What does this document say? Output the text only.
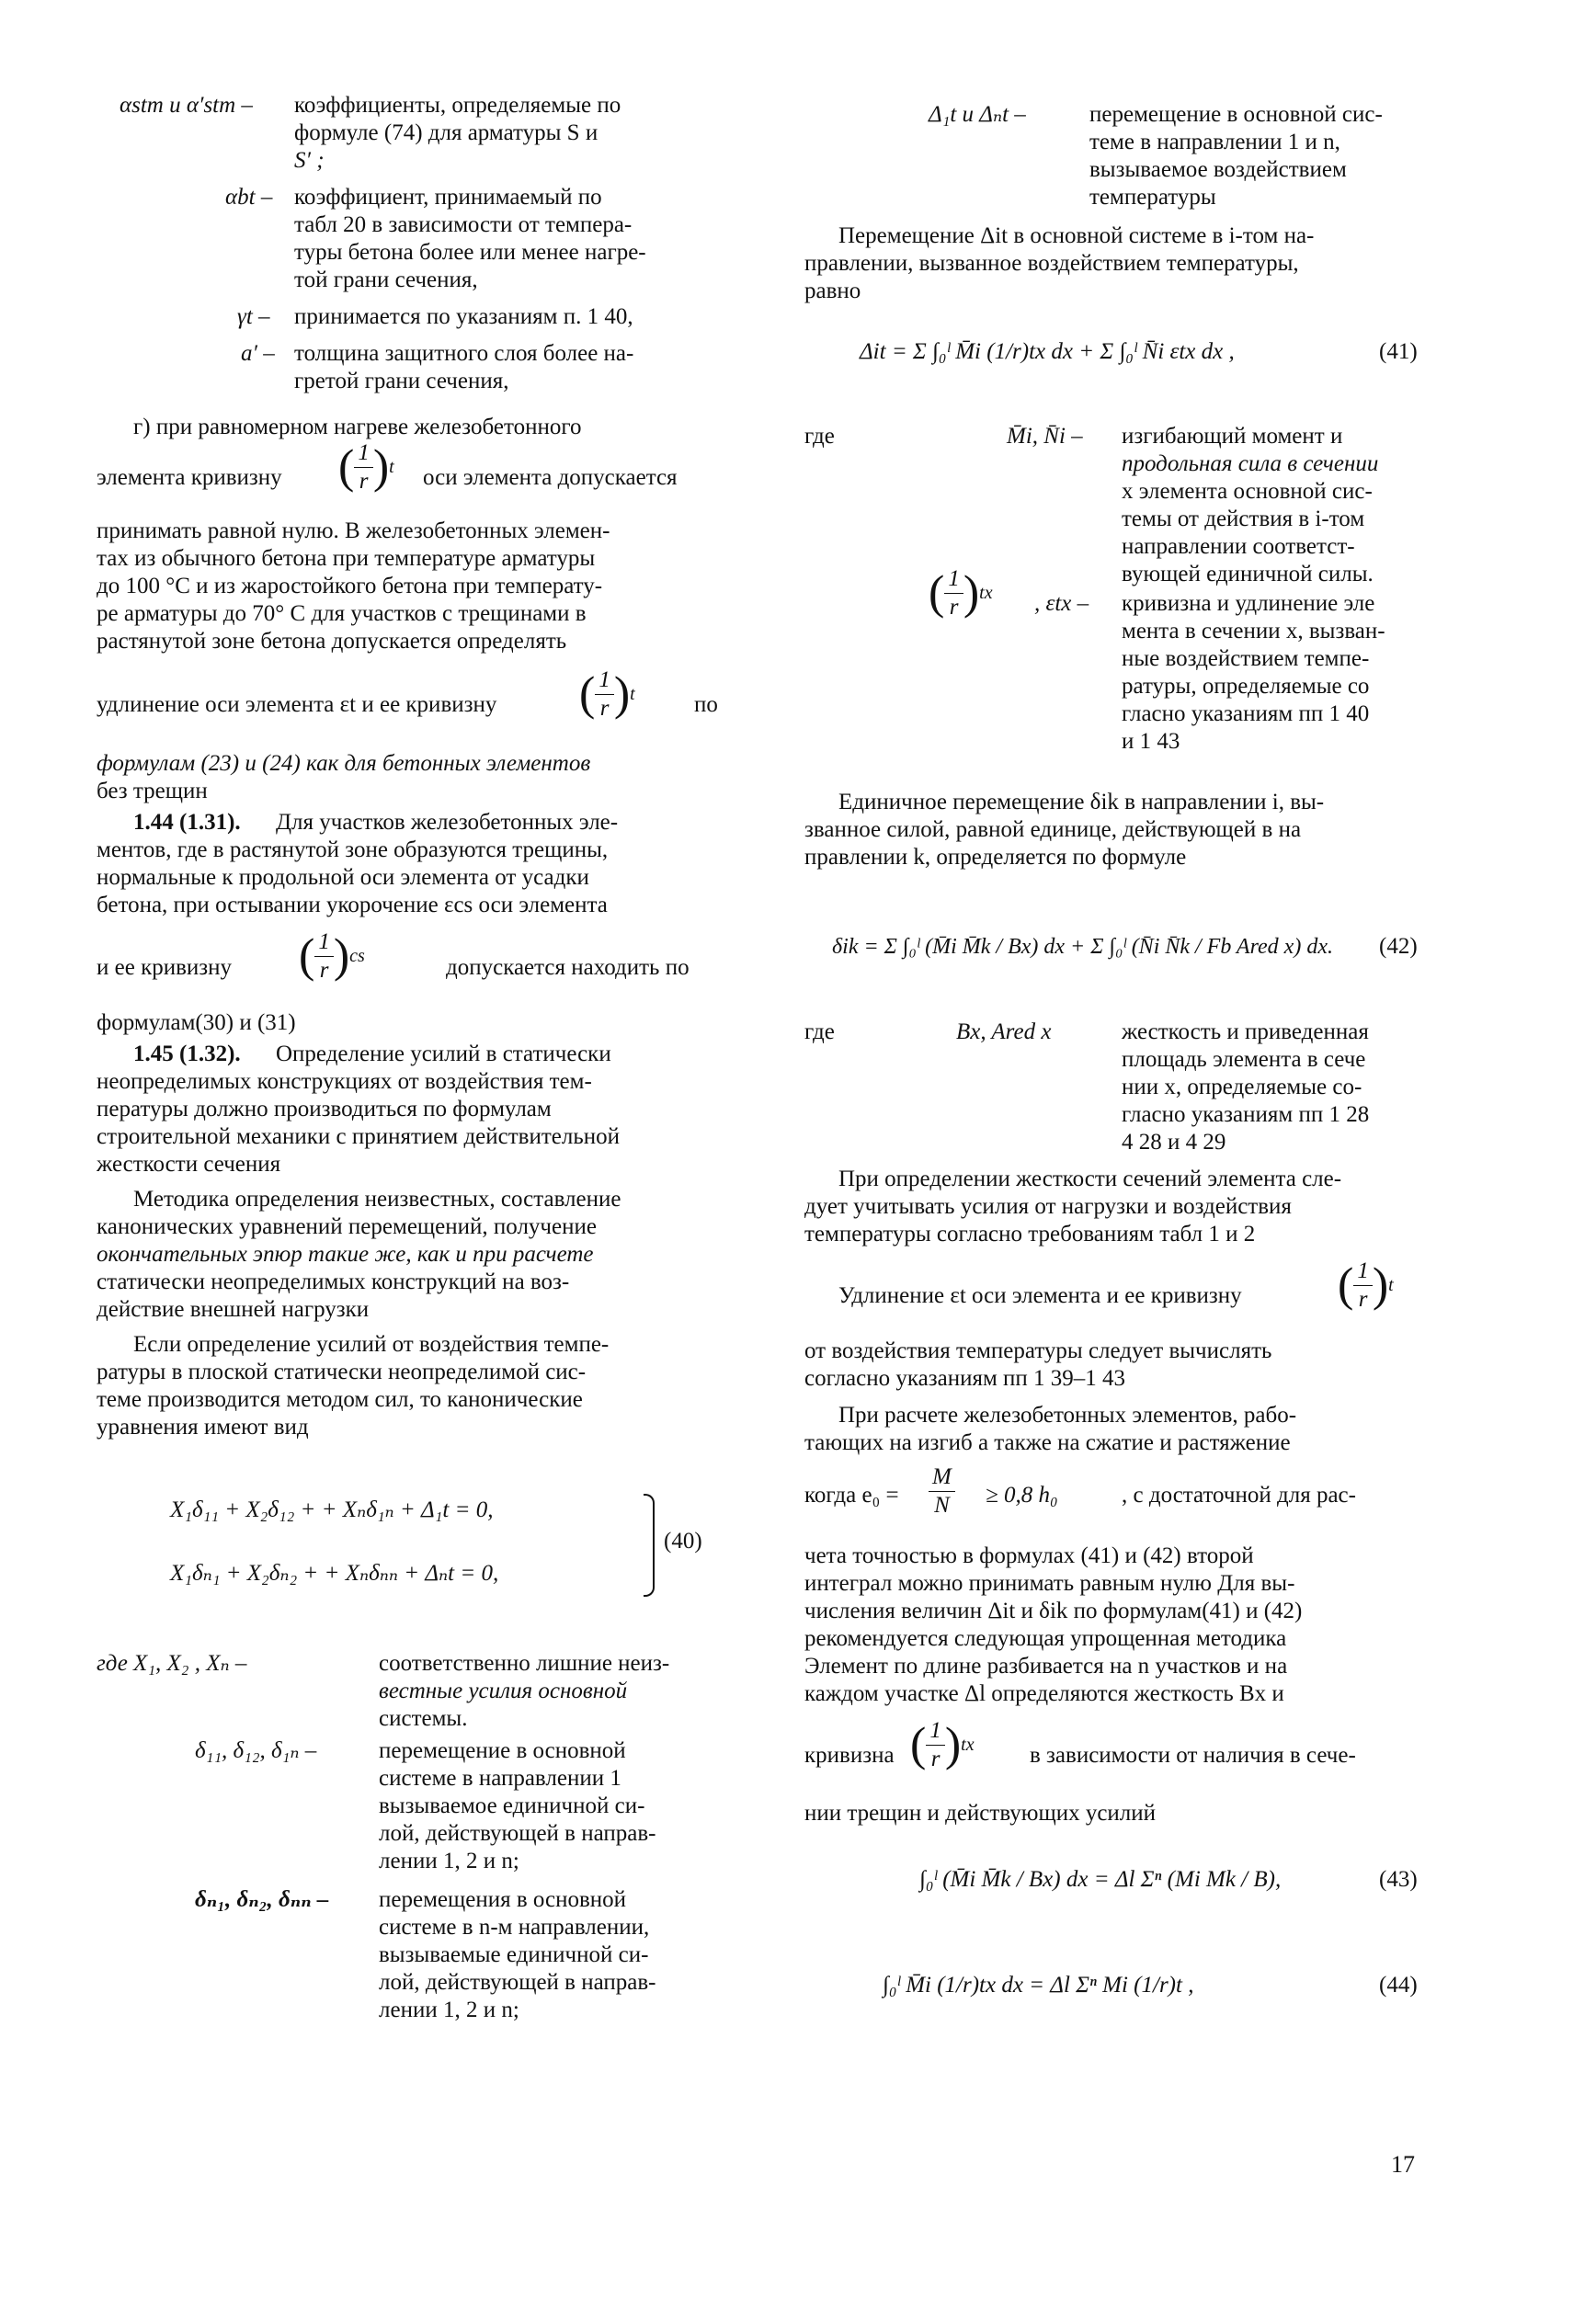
αstm и α′stm – коэффициенты, определяемые по
формуле (74) для арматуры S и
S′ ;
αbt – коэффициент, принимаемый по
табл 20 в зависимости от темпера-
туры бетона более или менее нагре-
той грани сечения,
γt – принимается по указаниям п. 1 40,
a′ – толщина защитного слоя более на-
гретой грани сечения,
г) при равномерном нагреве железобетонного
элемента кривизну ( $\frac{1}{r} )t$ оси элемента допускается
принимать равной нулю. В железобетонных элемен-
тах из обычного бетона при температуре арматуры
до 100 °С и из жаростойкого бетона при температу-
ре арматуры до 70° С для участков с трещинами в
растянутой зоне бетона допускается определять
удлинение оси элемента εt и ее кривизну ( $\frac{1}{r} )t$	по
формулам (23) и (24) как для бетонных элементов
без трещин
1.44 (1.31). Для участков железобетонных эле-
ментов, где в растянутой зоне образуются трещины,
нормальные к продольной оси элемента от усадки
бетона, при остывании укорочение εcs оси элемента
и ее кривизну ( $\frac{1}{r} )cs$	допускается находить по
формулам(30) и (31)
1.45 (1.32). Определение усилий в статически
неопределимых конструкциях от воздействия тем-
пературы должно производиться по формулам
строительной механики с принятием действительной
жесткости сечения
Методика определения неизвестных, составление
канонических уравнений перемещений, получение
окончательных эпюр такие же, как и при расчете
статически неопределимых конструкций на воз-
действие внешней нагрузки
Если определение усилий от воздействия темпе-
ратуры в плоской статически неопределимой сис-
теме производится методом сил, то канонические
уравнения имеют вид
X₁δ₁₁ + X₂δ₁₂ + + Xₙδ₁ₙ + Δ₁t = 0,
X₁δₙ₁ + X₂δₙ₂ + + Xₙδₙₙ + Δₙt = 0,
(40)
где X₁, X₂ , Xₙ –	соответственно лишние неиз-
вестные усилия основной
системы.
δ₁₁, δ₁₂, δ₁ₙ –	перемещение в основной
системе в направлении 1
вызываемое единичной си-
лой, действующей в направ-
лении 1, 2 и n;
δₙ₁, δₙ₂, δₙₙ – перемещения в основной
системе в n-м направлении,
вызываемые единичной си-
лой, действующей в направ-
лении 1, 2 и n;
Δ₁t и Δₙt –	перемещение в основной сис-
теме в направлении 1 и n,
вызываемое воздействием
температуры
Перемещение Δit в основной системе в i-том на-
правлении, вызванное воздействием температуры,
равно
Δit = Σ ∫₀ˡ M̄i (1/r)tx dx + Σ ∫₀ˡ N̄i εtx dx ,	(41)
где	M̄i, N̄i – изгибающий момент и
продольная сила в сечении
x элемента основной сис-
темы от действия в i-том
направлении соответст-
вующей единичной силы.
( $\frac{1}{r} )tx$ , εtx – кривизна и удлинение эле
мента в сечении x, вызван-
ные воздействием темпе-
ратуры, определяемые со
гласно указаниям пп 1 40
и 1 43
Единичное перемещение δik в направлении i, вы-
званное силой, равной единице, действующей в на
правлении k, определяется по формуле
δik = Σ ∫₀ˡ (M̄i M̄k / Bx) dx + Σ ∫₀ˡ (N̄i N̄k / Fb Ared x) dx. (42)
где	Bx, Ared x	жесткость и приведенная
площадь элемента в сече
нии x, определяемые со-
гласно указаниям пп 1 28
4 28 и 4 29
При определении жесткости сечений элемента сле-
дует учитывать усилия от нагрузки и воздействия
температуры согласно требованиям табл 1 и 2
Удлинение εt оси элемента и ее кривизну ( $\frac{1}{r} )t$
от воздействия температуры следует вычислять
согласно указаниям пп 1 39–1 43
При расчете железобетонных элементов, рабо-
тающих на изгиб а также на сжатие и растяжение
когда $e_0 = \frac{M}{N} \ge 0,8$ h₀	, с достаточной для рас-
чета точностью в формулах (41) и (42) второй
интеграл можно принимать равным нулю Для вы-
числения величин Δit и δik по формулам(41) и (42)
рекомендуется следующая упрощенная методика
Элемент по длине разбивается на n участков и на
каждом участке Δl определяются жесткость Bx и
кривизна ( $\frac{1}{r} )tx$ в зависимости от наличия в сече-
нии трещин и действующих усилий
∫₀ˡ (M̄i M̄k / Bx) dx = Δl Σⁿ (Mi Mk / B),	(43)
∫₀ˡ M̄i (1/r)tx dx = Δl Σⁿ Mi (1/r)t ,	(44)
17
